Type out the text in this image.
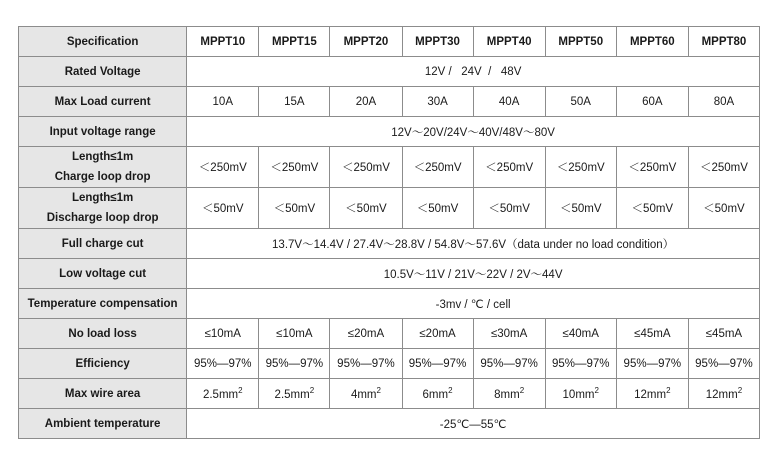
Specification	MPPT10	MPPT15	MPPT20	MPPT30	MPPT40	MPPT50	MPPT60	MPPT80
Rated Voltage	12V /   24V  /   48V							
Max Load current	10A	15A	20A	30A	40A	50A	60A	80A
Input voltage range	12V～20V/24V～40V/48V～80V							

Length≤1m
Charge loop drop	＜250mV	＜250mV	＜250mV	＜250mV	＜250mV	＜250mV	＜250mV	＜250mV

Length≤1m
Discharge loop drop	＜50mV	＜50mV	＜50mV	＜50mV	＜50mV	＜50mV	＜50mV	＜50mV
Full charge cut	13.7V～14.4V / 27.4V～28.8V / 54.8V～57.6V（data under no load condition）							
Low voltage cut	10.5V～11V / 21V～22V / 2V～44V							
Temperature compensation	-3mv / ℃ / cell							
No load loss	≤10mA	≤10mA	≤20mA	≤20mA	≤30mA	≤40mA	≤45mA	≤45mA
Efficiency	95%—97%	95%—97%	95%—97%	95%—97%	95%—97%	95%—97%	95%—97%	95%—97%
Max wire area	$2.5mm^2$	$2.5mm^2$	$4mm^2$	$6mm^2$	$8mm^2$	$10mm^2$	$12mm^2$	$12mm^2$
Ambient temperature	-25℃—55℃							
